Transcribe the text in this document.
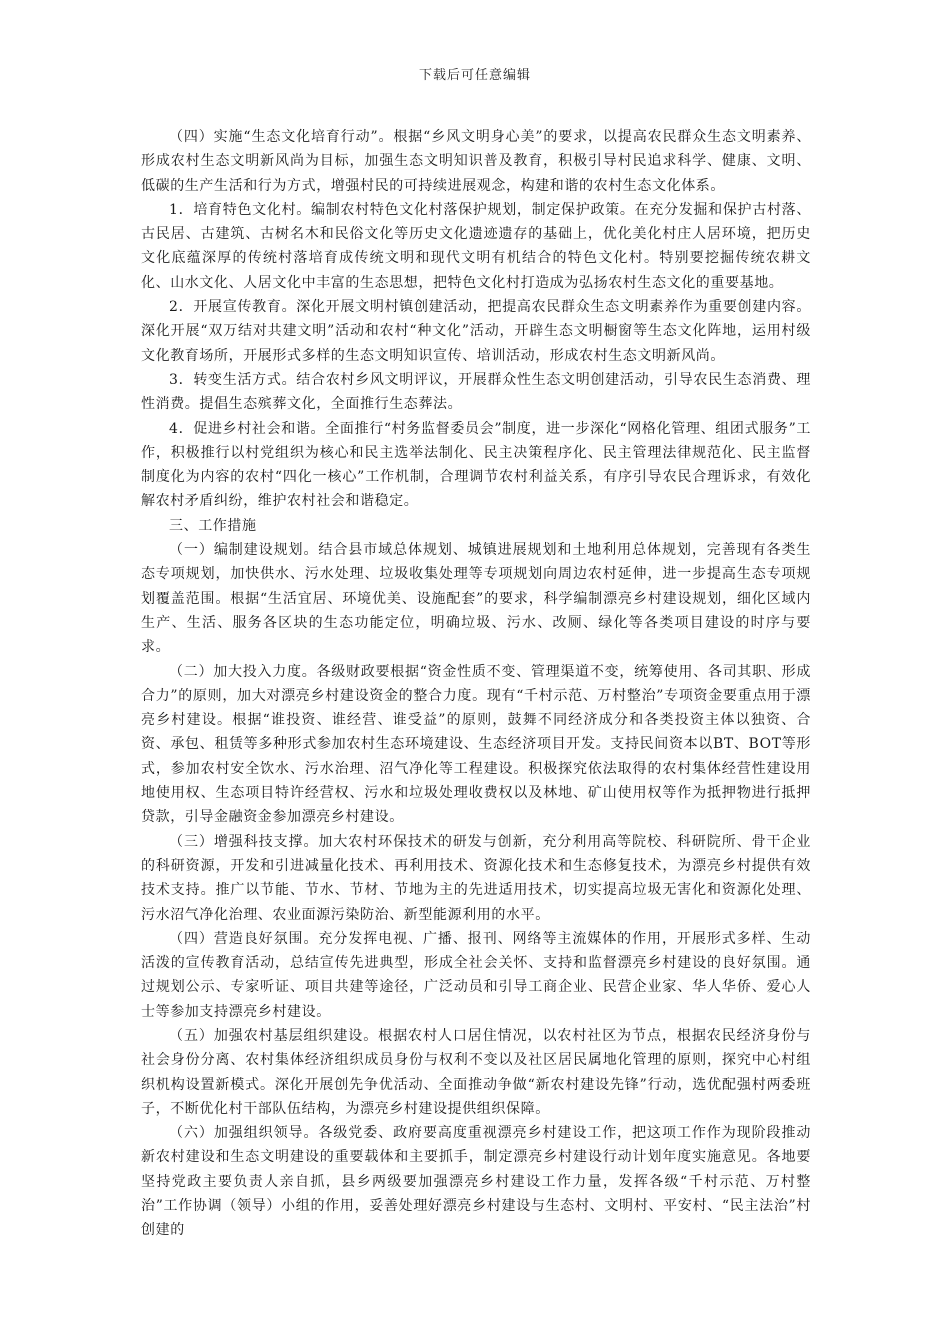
下载后可任意编辑

（四）实施“生态文化培育行动”。根据“乡风文明身心美”的要求，以提高农民群众生态文明素养、形成农村生态文明新风尚为目标，加强生态文明知识普及教育，积极引导村民追求科学、健康、文明、低碳的生产生活和行为方式，增强村民的可持续进展观念，构建和谐的农村生态文化体系。

1．培育特色文化村。编制农村特色文化村落保护规划，制定保护政策。在充分发掘和保护古村落、古民居、古建筑、古树名木和民俗文化等历史文化遗迹遗存的基础上，优化美化村庄人居环境，把历史文化底蕴深厚的传统村落培育成传统文明和现代文明有机结合的特色文化村。特别要挖掘传统农耕文化、山水文化、人居文化中丰富的生态思想，把特色文化村打造成为弘扬农村生态文化的重要基地。

2．开展宣传教育。深化开展文明村镇创建活动，把提高农民群众生态文明素养作为重要创建内容。深化开展“双万结对共建文明”活动和农村“种文化”活动，开辟生态文明橱窗等生态文化阵地，运用村级文化教育场所，开展形式多样的生态文明知识宣传、培训活动，形成农村生态文明新风尚。

3．转变生活方式。结合农村乡风文明评议，开展群众性生态文明创建活动，引导农民生态消费、理性消费。提倡生态殡葬文化，全面推行生态葬法。

4．促进乡村社会和谐。全面推行“村务监督委员会”制度，进一步深化“网格化管理、组团式服务”工作，积极推行以村党组织为核心和民主选举法制化、民主决策程序化、民主管理法律规范化、民主监督制度化为内容的农村“四化一核心”工作机制，合理调节农村利益关系，有序引导农民合理诉求，有效化解农村矛盾纠纷，维护农村社会和谐稳定。

三、工作措施

（一）编制建设规划。结合县市域总体规划、城镇进展规划和土地利用总体规划，完善现有各类生态专项规划，加快供水、污水处理、垃圾收集处理等专项规划向周边农村延伸，进一步提高生态专项规划覆盖范围。根据“生活宜居、环境优美、设施配套”的要求，科学编制漂亮乡村建设规划，细化区域内生产、生活、服务各区块的生态功能定位，明确垃圾、污水、改厕、绿化等各类项目建设的时序与要求。

（二）加大投入力度。各级财政要根据“资金性质不变、管理渠道不变，统筹使用、各司其职、形成合力”的原则，加大对漂亮乡村建设资金的整合力度。现有“千村示范、万村整治”专项资金要重点用于漂亮乡村建设。根据“谁投资、谁经营、谁受益”的原则，鼓舞不同经济成分和各类投资主体以独资、合资、承包、租赁等多种形式参加农村生态环境建设、生态经济项目开发。支持民间资本以BT、BOT等形式，参加农村安全饮水、污水治理、沼气净化等工程建设。积极探究依法取得的农村集体经营性建设用地使用权、生态项目特许经营权、污水和垃圾处理收费权以及林地、矿山使用权等作为抵押物进行抵押贷款，引导金融资金参加漂亮乡村建设。

（三）增强科技支撑。加大农村环保技术的研发与创新，充分利用高等院校、科研院所、骨干企业的科研资源，开发和引进减量化技术、再利用技术、资源化技术和生态修复技术，为漂亮乡村提供有效技术支持。推广以节能、节水、节材、节地为主的先进适用技术，切实提高垃圾无害化和资源化处理、污水沼气净化治理、农业面源污染防治、新型能源利用的水平。

（四）营造良好氛围。充分发挥电视、广播、报刊、网络等主流媒体的作用，开展形式多样、生动活泼的宣传教育活动，总结宣传先进典型，形成全社会关怀、支持和监督漂亮乡村建设的良好氛围。通过规划公示、专家听证、项目共建等途径，广泛动员和引导工商企业、民营企业家、华人华侨、爱心人士等参加支持漂亮乡村建设。

（五）加强农村基层组织建设。根据农村人口居住情况，以农村社区为节点，根据农民经济身份与社会身份分离、农村集体经济组织成员身份与权利不变以及社区居民属地化管理的原则，探究中心村组织机构设置新模式。深化开展创先争优活动、全面推动争做“新农村建设先锋”行动，选优配强村两委班子，不断优化村干部队伍结构，为漂亮乡村建设提供组织保障。

（六）加强组织领导。各级党委、政府要高度重视漂亮乡村建设工作，把这项工作作为现阶段推动新农村建设和生态文明建设的重要载体和主要抓手，制定漂亮乡村建设行动计划年度实施意见。各地要坚持党政主要负责人亲自抓，县乡两级要加强漂亮乡村建设工作力量，发挥各级“千村示范、万村整治”工作协调（领导）小组的作用，妥善处理好漂亮乡村建设与生态村、文明村、平安村、“民主法治”村创建的
